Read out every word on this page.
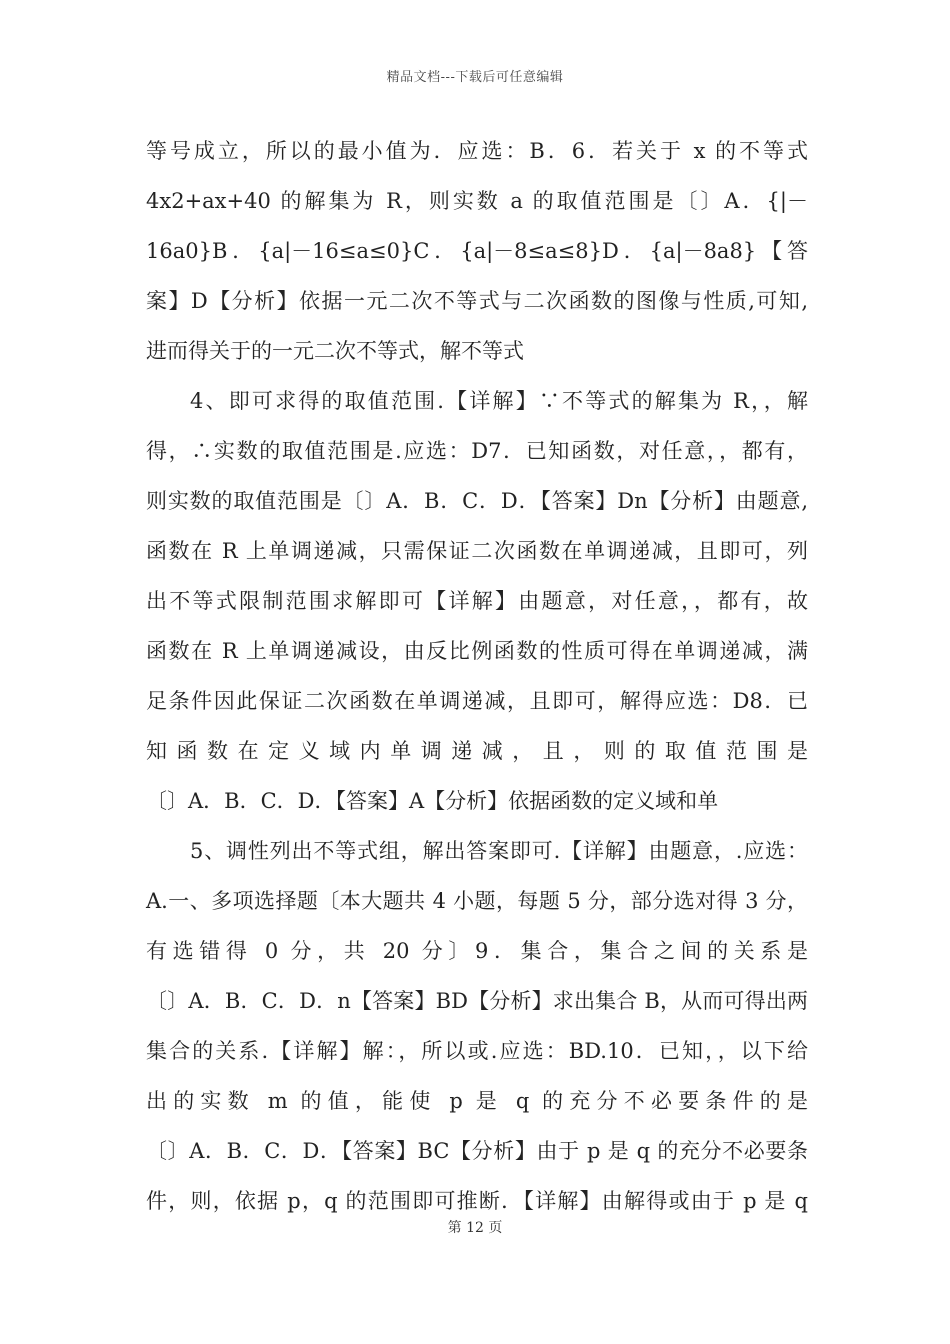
精品文档---下载后可任意编辑
等号成立，所以的最小值为．应选：B．6．若关于 x 的不等式
4x2+ax+40 的解集为 R，则实数 a 的取值范围是〔〕A．{|－
16a0}B．{a|－16≤a≤0}C．{a|－8≤a≤8}D．{a|－8a8}【答
案】D【分析】依据一元二次不等式与二次函数的图像与性质,可知,
进而得关于的一元二次不等式，解不等式
4、即可求得的取值范围.【详解】∵不等式的解集为 R，，解
得，∴实数的取值范围是.应选：D7．已知函数，对任意，，都有，
则实数的取值范围是〔〕A．B．C．D．【答案】Dn【分析】由题意,
函数在 R 上单调递减，只需保证二次函数在单调递减，且即可，列
出不等式限制范围求解即可【详解】由题意，对任意，，都有，故
函数在 R 上单调递减设，由反比例函数的性质可得在单调递减，满
足条件因此保证二次函数在单调递减，且即可，解得应选：D8．已
知函数在定义域内单调递减，且，则的取值范围是
〔〕A．B．C．D．【答案】A【分析】依据函数的定义域和单
5、调性列出不等式组，解出答案即可.【详解】由题意，.应选：
A.一、多项选择题〔本大题共 4 小题，每题 5 分，部分选对得 3 分，
有选错得 0 分，共 20 分〕9．集合，集合之间的关系是
〔〕A．B．C．D．n【答案】BD【分析】求出集合 B，从而可得出两
集合的关系.【详解】解：，所以或.应选：BD.10．已知，，以下给
出的实数 m 的值，能使 p 是 q 的充分不必要条件的是
〔〕A．B．C．D．【答案】BC【分析】由于 p 是 q 的充分不必要条
件，则，依据 p，q 的范围即可推断．【详解】由解得或由于 p 是 q
第 12 页
